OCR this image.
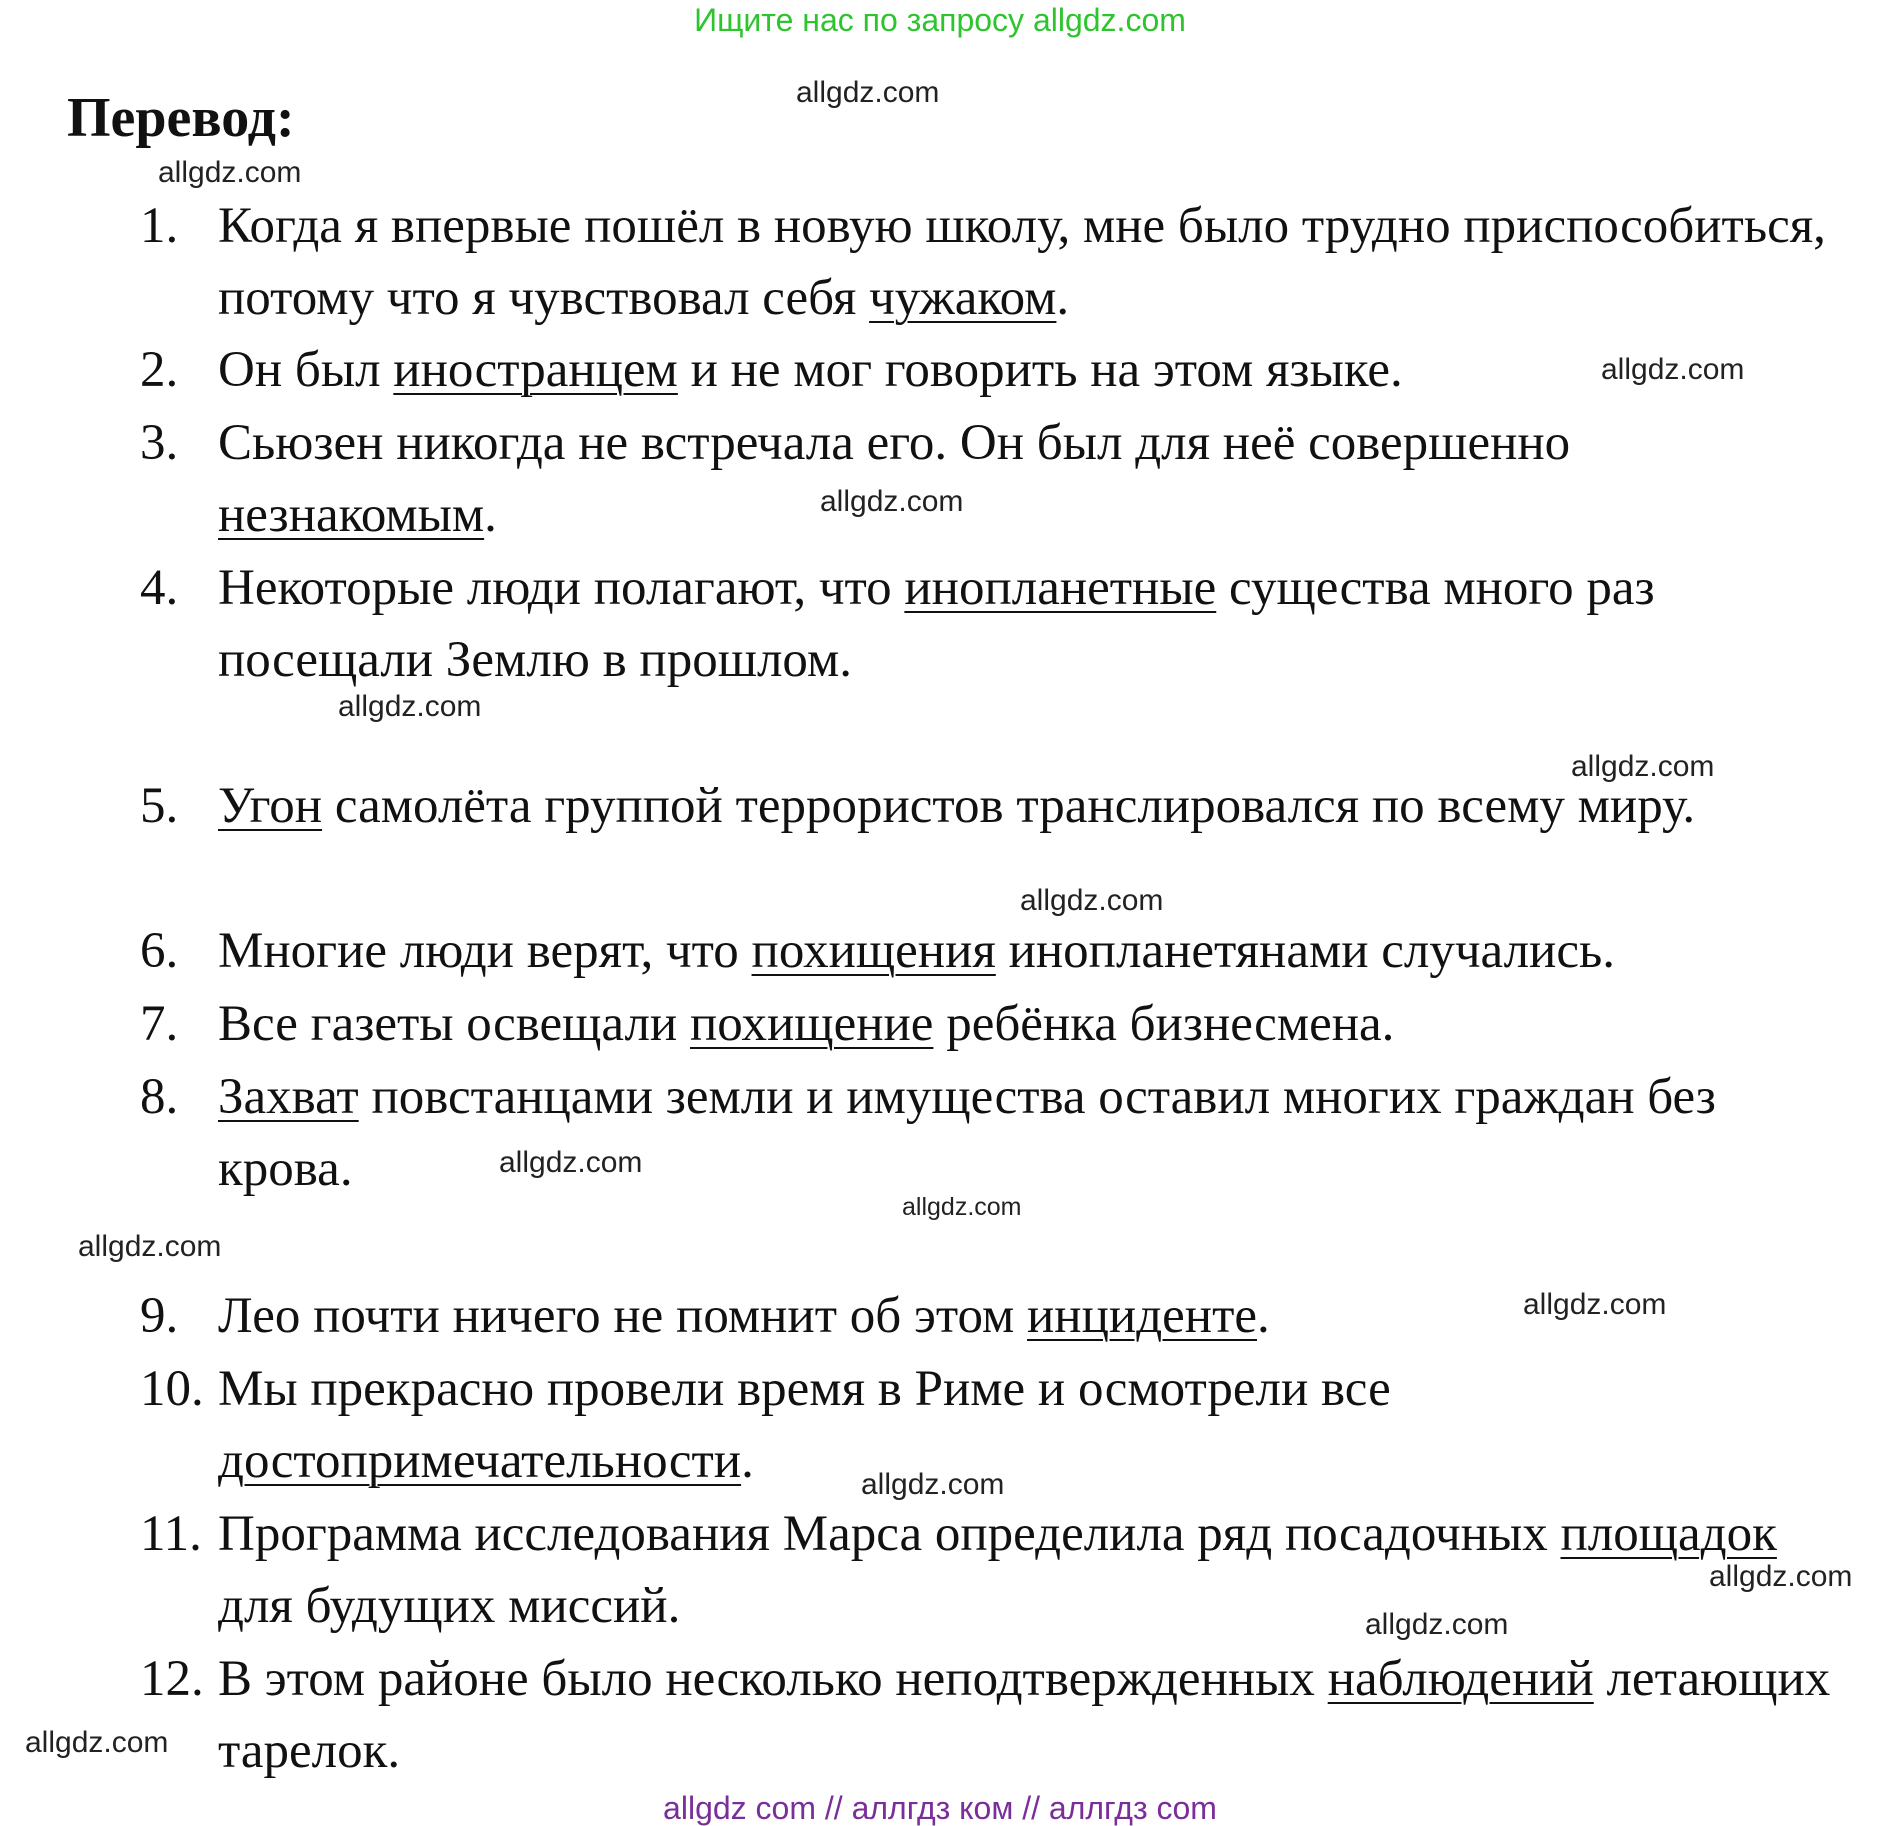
Ищите нас по запросу allgdz.com
Перевод:
1. Когда я впервые пошёл в новую школу, мне было трудно приспособиться, потому что я чувствовал себя чужаком.
2. Он был иностранцем и не мог говорить на этом языке.
3. Сьюзен никогда не встречала его. Он был для неё совершенно незнакомым.
4. Некоторые люди полагают, что инопланетные существа много раз посещали Землю в прошлом.
5. Угон самолёта группой террористов транслировался по всему миру.
6. Многие люди верят, что похищения инопланетянами случались.
7. Все газеты освещали похищение ребёнка бизнесмена.
8. Захват повстанцами земли и имущества оставил многих граждан без крова.
9. Лео почти ничего не помнит об этом инциденте.
10. Мы прекрасно провели время в Риме и осмотрели все достопримечательности.
11. Программа исследования Марса определила ряд посадочных площадок для будущих миссий.
12. В этом районе было несколько неподтвержденных наблюдений летающих тарелок.
allgdz.com
allgdz.com
allgdz.com
allgdz.com
allgdz.com
allgdz.com
allgdz.com
allgdz.com
allgdz.com
allgdz.com
allgdz.com
allgdz.com
allgdz.com
allgdz.com
allgdz.com
allgdz com // аллгдз ком // аллгдз com
